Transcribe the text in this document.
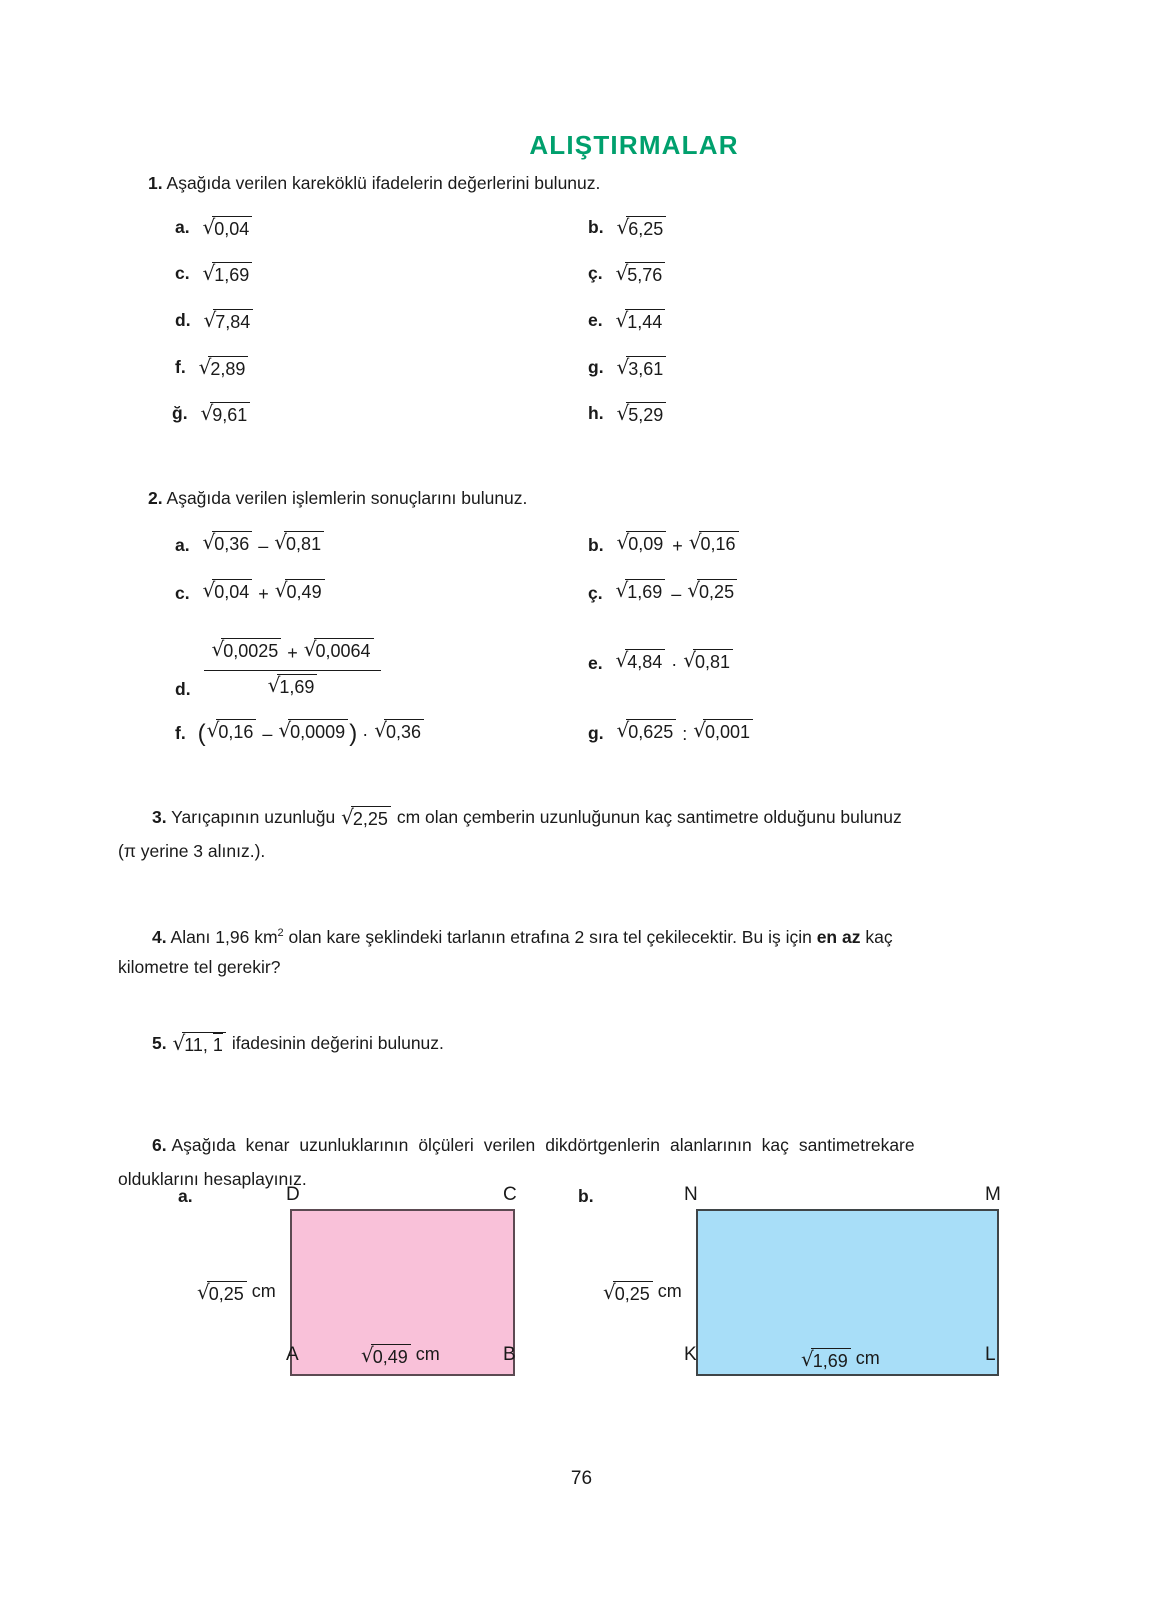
ALIŞTIRMALAR
1. Aşağıda verilen kareköklü ifadelerin değerlerini bulunuz.
a. √ 0,04	b. √ 6,25
c. √ 1,69	ç. √ 5,76
d. √ 7,84	e. √ 1,44
f. √ 2,89	g. √ 3,61
ğ. √ 9,61	h. √ 5,29
2. Aşağıda verilen işlemlerin sonuçlarını bulunuz.
a. √ 0,36 – √ 0,81	b. √ 0,09 + √ 0,16
c. √ 0,04 + √ 0,49	ç. √ 1,69 – √ 0,25
d. $\frac{√ 0,0025 + √ 0,0064}{√ 1,69}$	e. √ 4,84 · √ 0,81
f. ( √ 0,16 – √ 0,0009 ) · √ 0,36	g. √ 0,625 : √ 0,001
3. Yarıçapının uzunluğu √ 2,25 cm olan çemberin uzunluğunun kaç santimetre olduğunu bulunuz
(π yerine 3 alınız.).
4. Alanı 1,96 $km^2$ olan kare şeklindeki tarlanın etrafına 2 sıra tel çekilecektir. Bu iş için en az kaç
kilometre tel gerekir?
5. √ 11, 1 ifadesinin değerini bulunuz.
6. Aşağıda kenar uzunluklarının ölçüleri verilen dikdörtgenlerin alanlarının kaç santimetrekare
olduklarını hesaplayınız.
a.	D	C
√ 0,25 cm
A	B
√ 0,49 cm
b.	N	M
√ 0,25 cm
K	L
√ 1,69 cm
76
